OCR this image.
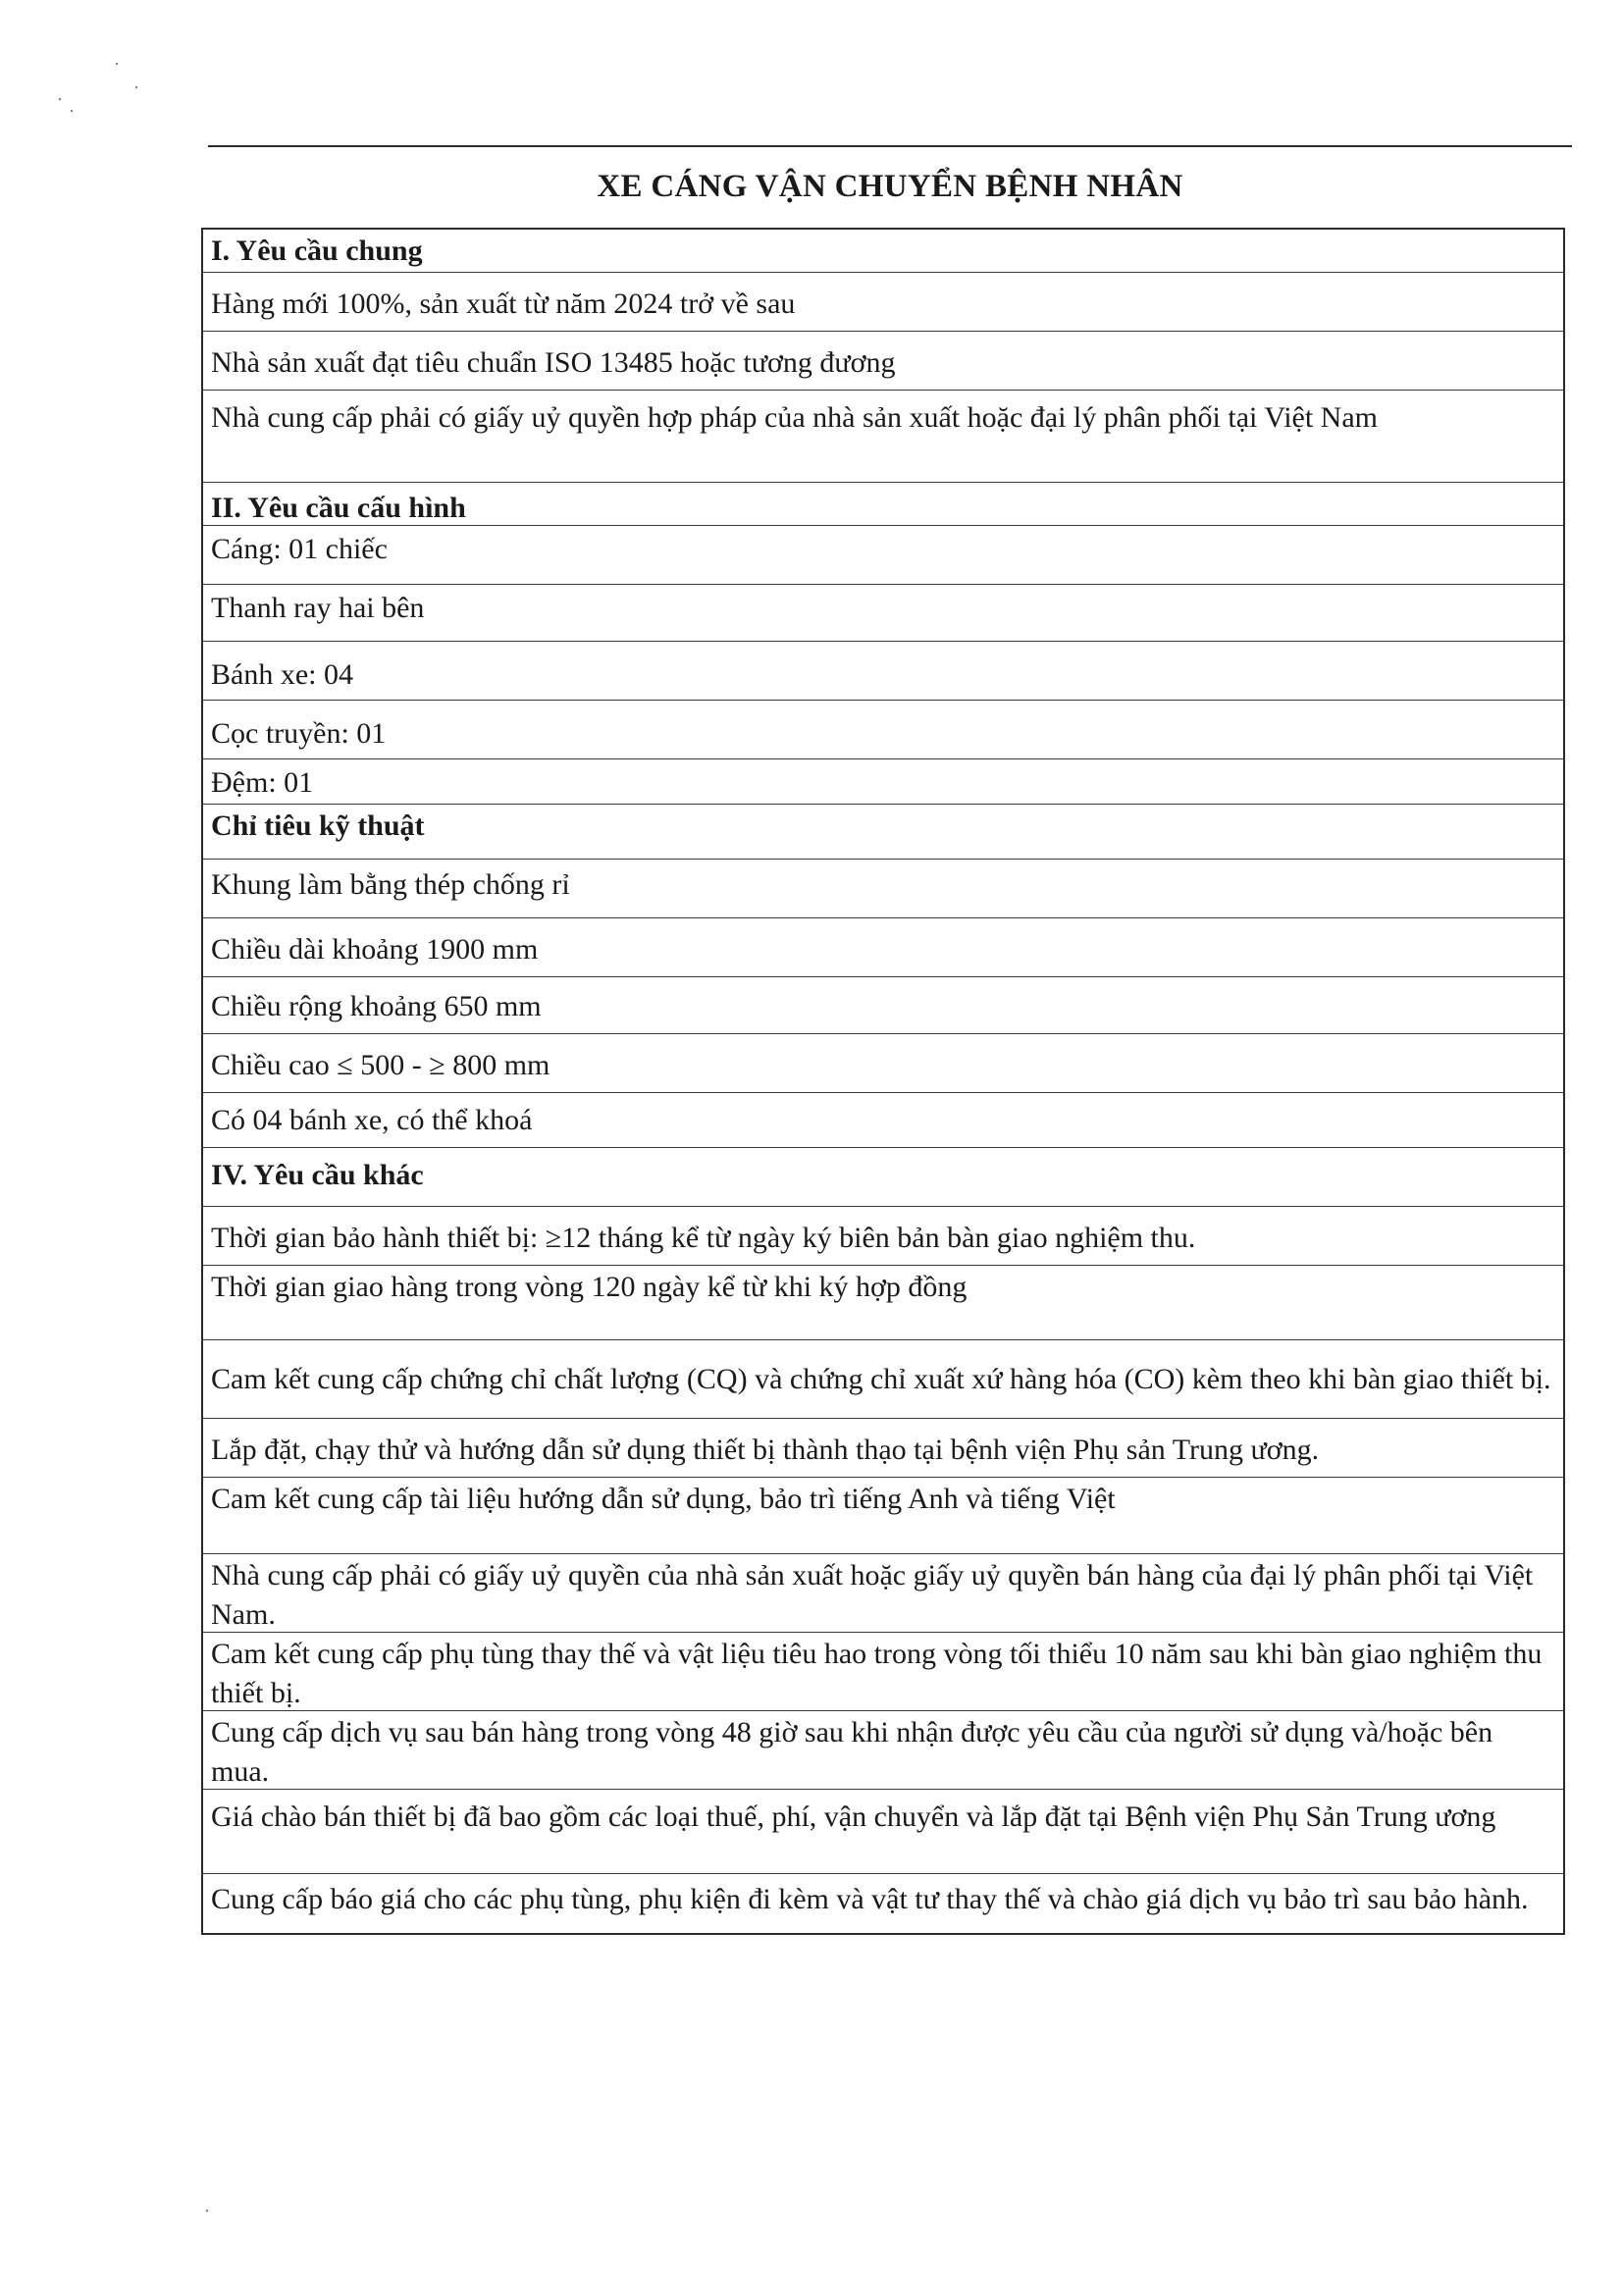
XE CÁNG VẬN CHUYỂN BỆNH NHÂN
I. Yêu cầu chung
Hàng mới 100%, sản xuất từ năm 2024 trở về sau
Nhà sản xuất đạt tiêu chuẩn ISO 13485 hoặc tương đương
Nhà cung cấp phải có giấy uỷ quyền hợp pháp của nhà sản xuất hoặc đại lý phân phối tại Việt Nam
II. Yêu cầu cấu hình
Cáng: 01 chiếc
Thanh ray hai bên
Bánh xe: 04
Cọc truyền: 01
Đệm: 01
Chỉ tiêu kỹ thuật
Khung làm bằng thép chống rỉ
Chiều dài khoảng 1900 mm
Chiều rộng khoảng 650 mm
Chiều cao ≤ 500 - ≥ 800 mm
Có 04 bánh xe, có thể khoá
IV. Yêu cầu khác
Thời gian bảo hành thiết bị: ≥12 tháng kể từ ngày ký biên bản bàn giao nghiệm thu.
Thời gian giao hàng trong vòng 120 ngày kể từ khi ký hợp đồng
Cam kết cung cấp chứng chỉ chất lượng (CQ) và chứng chỉ xuất xứ hàng hóa (CO) kèm theo khi bàn giao thiết bị.
Lắp đặt, chạy thử và hướng dẫn sử dụng thiết bị thành thạo tại bệnh viện Phụ sản Trung ương.
Cam kết cung cấp tài liệu hướng dẫn sử dụng, bảo trì tiếng Anh và tiếng Việt
Nhà cung cấp phải có giấy uỷ quyền của nhà sản xuất hoặc giấy uỷ quyền bán hàng của đại lý phân phối tại Việt Nam.
Cam kết cung cấp phụ tùng thay thế và vật liệu tiêu hao trong vòng tối thiểu 10 năm sau khi bàn giao nghiệm thu thiết bị.
Cung cấp dịch vụ sau bán hàng trong vòng 48 giờ sau khi nhận được yêu cầu của người sử dụng và/hoặc bên mua.
Giá chào bán thiết bị đã bao gồm các loại thuế, phí, vận chuyển và lắp đặt tại Bệnh viện Phụ Sản Trung ương
Cung cấp báo giá cho các phụ tùng, phụ kiện đi kèm và vật tư thay thế và chào giá dịch vụ bảo trì sau bảo hành.
